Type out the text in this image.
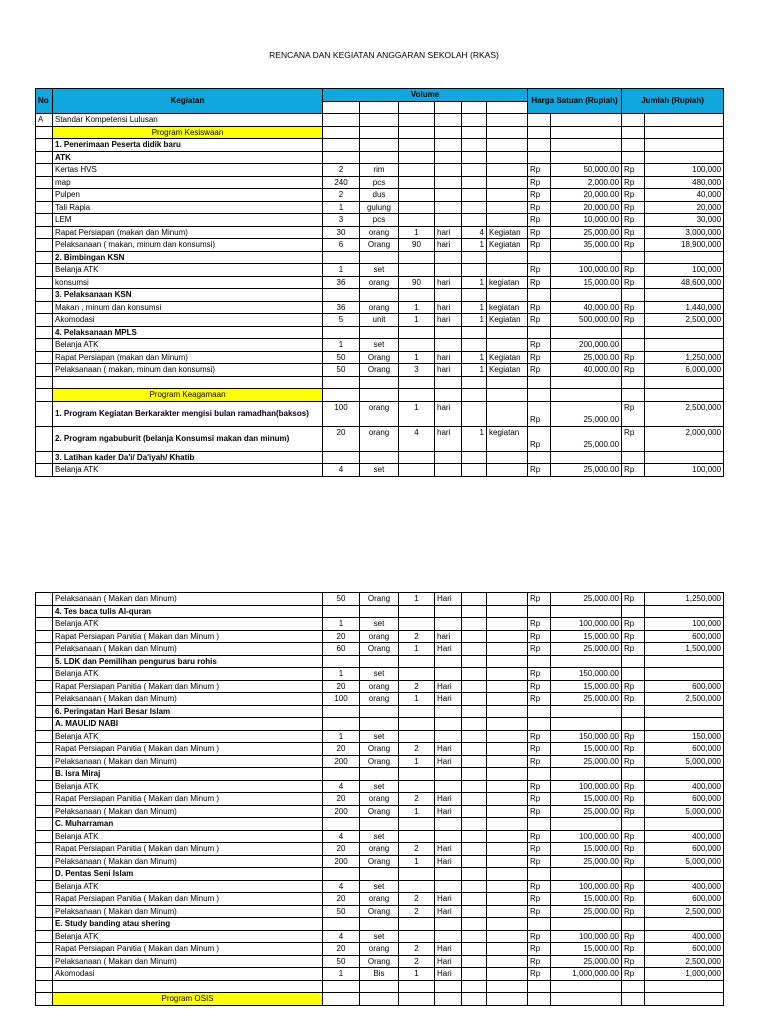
RENCANA DAN KEGIATAN ANGGARAN SEKOLAH (RKAS)
No	Kegiatan	Volume						Harga Satuan (Rupiah)		Jumlah (Rupiah)	

A	Standar Kompetensi Lulusan										
	Program Kesiswaan										
	1. Penerimaan Peserta didik baru										
	ATK										
	Kertas HVS	2	rim					Rp	50,000.00	Rp	100,000
	map	240	pcs					Rp	2,000.00	Rp	480,000
	Pulpen	2	dus					Rp	20,000.00	Rp	40,000
	Tali Rapia	1	gulung					Rp	20,000.00	Rp	20,000
	LEM	3	pcs					Rp	10,000.00	Rp	30,000
	Rapat Persiapan (makan dan Minum)	30	orang	1	hari	4	Kegiatan	Rp	25,000.00	Rp	3,000,000
	Pelaksanaan ( makan, minum dan konsumsi)	6	Orang	90	hari	1	Kegiatan	Rp	35,000.00	Rp	18,900,000
	2. Bimbingan KSN										
	Belanja ATK	1	set					Rp	100,000.00	Rp	100,000
	konsumsi	36	orang	90	hari	1	kegiatan	Rp	15,000.00	Rp	48,600,000
	3. Pelaksanaan KSN										
	Makan , minum dan konsumsi	36	orang	1	hari	1	kegiatan	Rp	40,000.00	Rp	1,440,000
	Akomodasi	5	unit	1	hari	1	Kegiatan	Rp	500,000.00	Rp	2,500,000
	4. Pelaksanaan MPLS										
	Belanja ATK	1	set					Rp	200,000.00		
	Rapat Persiapan (makan dan Minum)	50	Orang	1	hari	1	Kegiatan	Rp	25,000.00	Rp	1,250,000
	Pelaksanaan ( makan, minum dan konsumsi)	50	Orang	3	hari	1	Kegiatan	Rp	40,000.00	Rp	6,000,000

	Program Keagamaan										
	1. Program Kegiatan Berkarakter mengisi bulan ramadhan(baksos)	100	orang	1	hari			Rp	25,000.00	Rp	2,500,000
	2. Program ngabuburit (belanja Konsumsi makan dan minum)	20	orang	4	hari	1	kegiatan	Rp	25,000.00	Rp	2,000,000
	3. Latihan kader Da'i/ Da'iyah/ Khatib										
	Belanja ATK	4	set					Rp	25,000.00	Rp	100,000
	Pelaksanaan ( Makan dan Minum)	50	Orang	1	Hari			Rp	25,000.00	Rp	1,250,000
	4. Tes baca tulis Al-quran										
	Belanja ATK	1	set					Rp	100,000.00	Rp	100,000
	Rapat Persiapan Panitia ( Makan dan Minum )	20	orang	2	hari			Rp	15,000.00	Rp	600,000
	Pelaksanaan ( Makan dan Minum)	60	Orang	1	Hari			Rp	25,000.00	Rp	1,500,000
	5. LDK dan Pemilihan pengurus baru rohis										
	Belanja ATK	1	set					Rp	150,000.00		
	Rapat Persiapan Panitia ( Makan dan Minum )	20	orang	2	Hari			Rp	15,000.00	Rp	600,000
	Pelaksanaan ( Makan dan Minum)	100	orang	1	Hari			Rp	25,000.00	Rp	2,500,000
	6. Peringatan Hari Besar Islam										
	A. MAULID NABI										
	Belanja ATK	1	set					Rp	150,000.00	Rp	150,000
	Rapat Persiapan Panitia ( Makan dan Minum )	20	Orang	2	Hari			Rp	15,000.00	Rp	600,000
	Pelaksanaan ( Makan dan Minum)	200	Orang	1	Hari			Rp	25,000.00	Rp	5,000,000
	B. Isra Miraj										
	Belanja ATK	4	set					Rp	100,000.00	Rp	400,000
	Rapat Persiapan Panitia ( Makan dan Minum )	20	orang	2	Hari			Rp	15,000.00	Rp	600,000
	Pelaksanaan ( Makan dan Minum)	200	Orang	1	Hari			Rp	25,000.00	Rp	5,000,000
	C. Muharraman										
	Belanja ATK	4	set					Rp	100,000.00	Rp	400,000
	Rapat Persiapan Panitia ( Makan dan Minum )	20	orang	2	Hari			Rp	15,000.00	Rp	600,000
	Pelaksanaan ( Makan dan Minum)	200	Orang	1	Hari			Rp	25,000.00	Rp	5,000,000
	D. Pentas Seni Islam										
	Belanja ATK	4	set					Rp	100,000.00	Rp	400,000
	Rapat Persiapan Panitia ( Makan dan Minum )	20	orang	2	Hari			Rp	15,000.00	Rp	600,000
	Pelaksanaan ( Makan dan Minum)	50	Orang	2	Hari			Rp	25,000.00	Rp	2,500,000
	E. Study banding atau shering										
	Belanja ATK	4	set					Rp	100,000.00	Rp	400,000
	Rapat Persiapan Panitia ( Makan dan Minum )	20	orang	2	Hari			Rp	15,000.00	Rp	600,000
	Pelaksanaan ( Makan dan Minum)	50	Orang	2	Hari			Rp	25,000.00	Rp	2,500,000
	Akomodasi	1	Bis	1	Hari			Rp	1,000,000.00	Rp	1,000,000

	Program OSIS										
